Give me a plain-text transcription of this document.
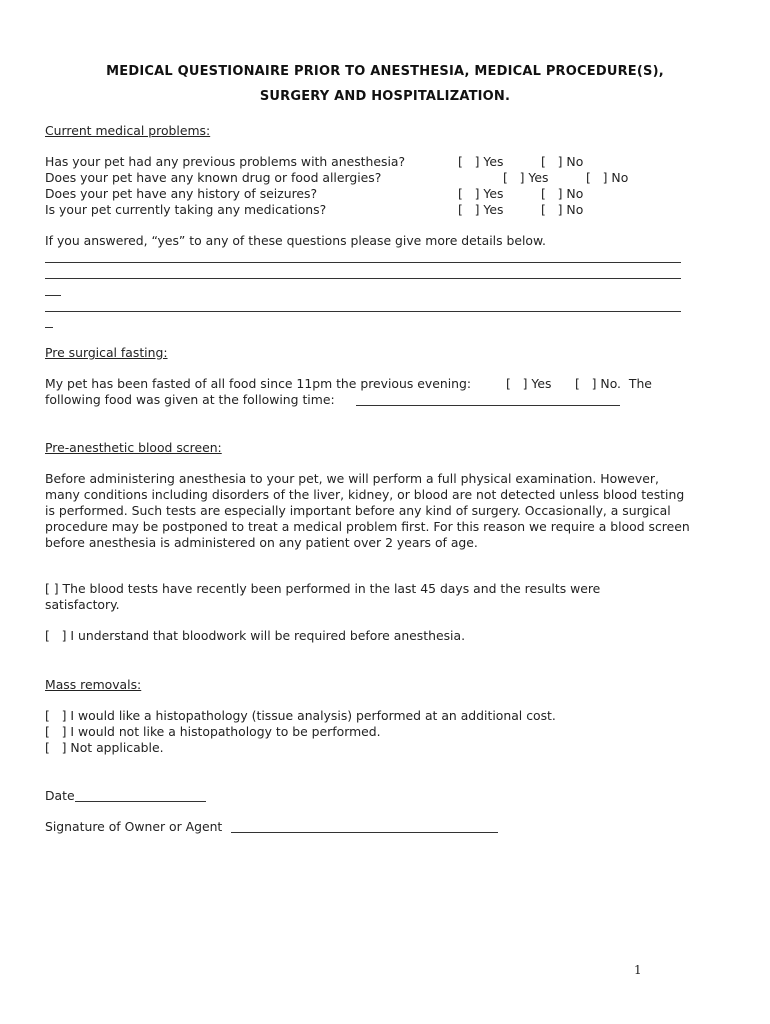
MEDICAL QUESTIONAIRE PRIOR TO ANESTHESIA, MEDICAL PROCEDURE(S),
SURGERY AND HOSPITALIZATION.
Current medical problems:
Has your pet had any previous problems with anesthesia?	[   ] Yes	[   ] No
Does your pet have any known drug or food allergies?	[   ] Yes	[   ] No
Does your pet have any history of seizures?	[   ] Yes	[   ] No
Is your pet currently taking any medications?	[   ] Yes	[   ] No
If you answered, “yes” to any of these questions please give more details below.
Pre surgical fasting:
My pet has been fasted of all food since 11pm the previous evening:	[   ] Yes [   ] No.  The
following food was given at the following time:
Pre-anesthetic blood screen:
Before administering anesthesia to your pet, we will perform a full physical examination. However, many conditions including disorders of the liver, kidney, or blood are not detected unless blood testing is performed. Such tests are especially important before any kind of surgery. Occasionally, a surgical procedure may be postponed to treat a medical problem first. For this reason we require a blood screen before anesthesia is administered on any patient over 2 years of age.
[ ] The blood tests have recently been performed in the last 45 days and the results were satisfactory.
[   ] I understand that bloodwork will be required before anesthesia.
Mass removals:
[   ] I would like a histopathology (tissue analysis) performed at an additional cost.
[   ] I would not like a histopathology to be performed.
[   ] Not applicable.
Date
Signature of Owner or Agent
1
